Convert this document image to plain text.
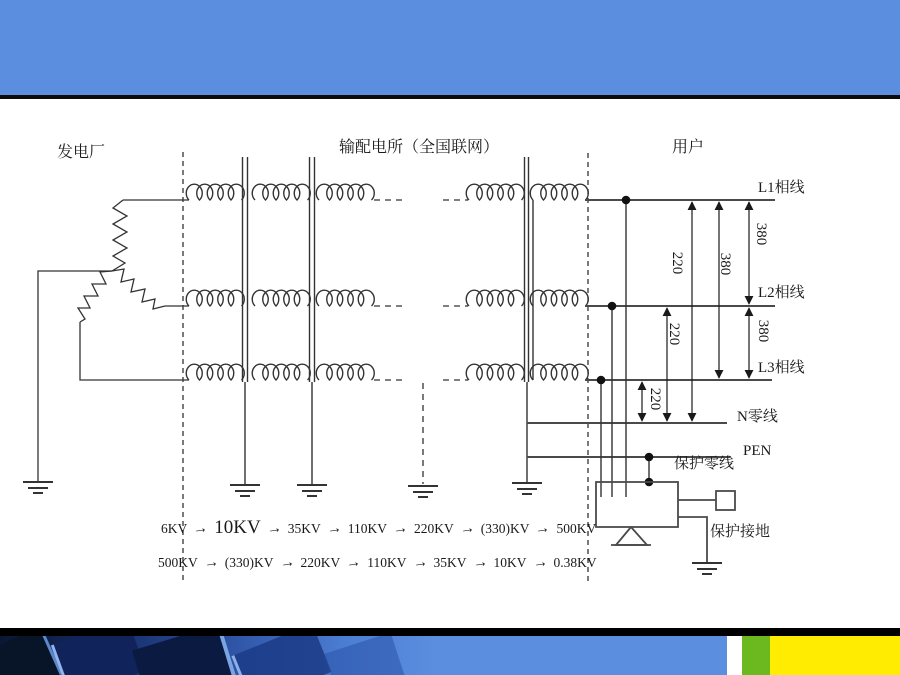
发电厂	输配电所（全国联网）	用户
220 380
380
380
220
220
L1相线
L2相线
L3相线
N零线
PEN
保护零线
保护接地
6KV → 10KV → 35KV → 110KV → 220KV → (330)KV → 500KV
500KV → (330)KV → 220KV → 110KV → 35KV → 10KV → 0.38KV
